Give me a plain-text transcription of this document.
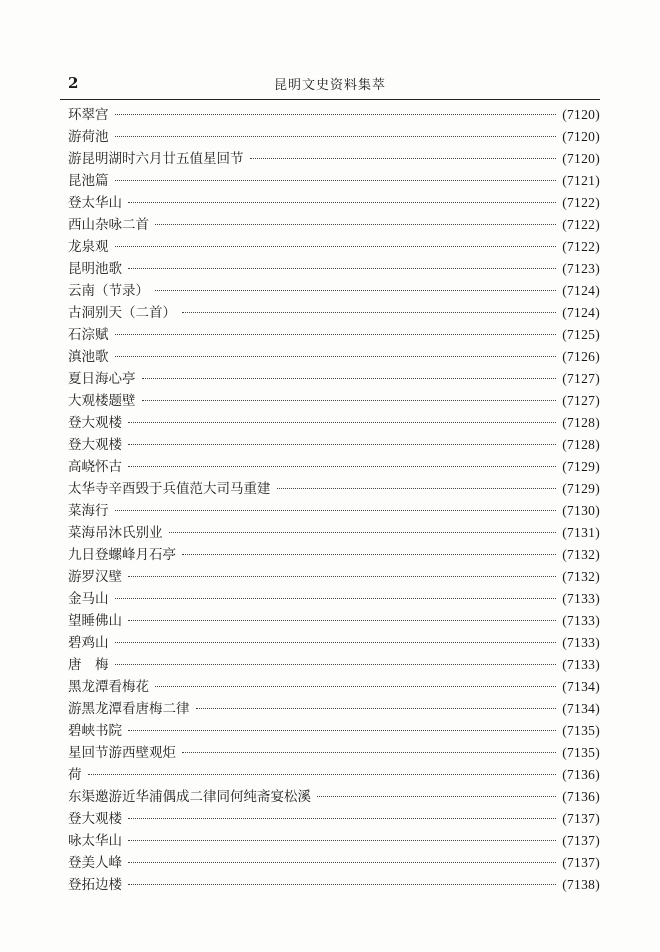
2	昆明文史资料集萃
环翠宫	(7120)
游荷池	(7120)
游昆明湖时六月廿五值星回节	(7120)
昆池篇	(7121)
登太华山	(7122)
西山杂咏二首	(7122)
龙泉观	(7122)
昆明池歌	(7123)
云南（节录）	(7124)
古洞别天（二首）	(7124)
石淙赋	(7125)
滇池歌	(7126)
夏日海心亭	(7127)
大观楼题壁	(7127)
登大观楼	(7128)
登大观楼	(7128)
高峣怀古	(7129)
太华寺辛酉毁于兵值范大司马重建	(7129)
菜海行	(7130)
菜海吊沐氏别业	(7131)
九日登螺峰月石亭	(7132)
游罗汉壁	(7132)
金马山	(7133)
望睡佛山	(7133)
碧鸡山	(7133)
唐　梅	(7133)
黑龙潭看梅花	(7134)
游黑龙潭看唐梅二律	(7134)
碧峡书院	(7135)
星回节游西壁观炬	(7135)
荷	(7136)
东渠邀游近华浦偶成二律同何纯斋宴松溪	(7136)
登大观楼	(7137)
咏太华山	(7137)
登美人峰	(7137)
登拓边楼	(7138)
